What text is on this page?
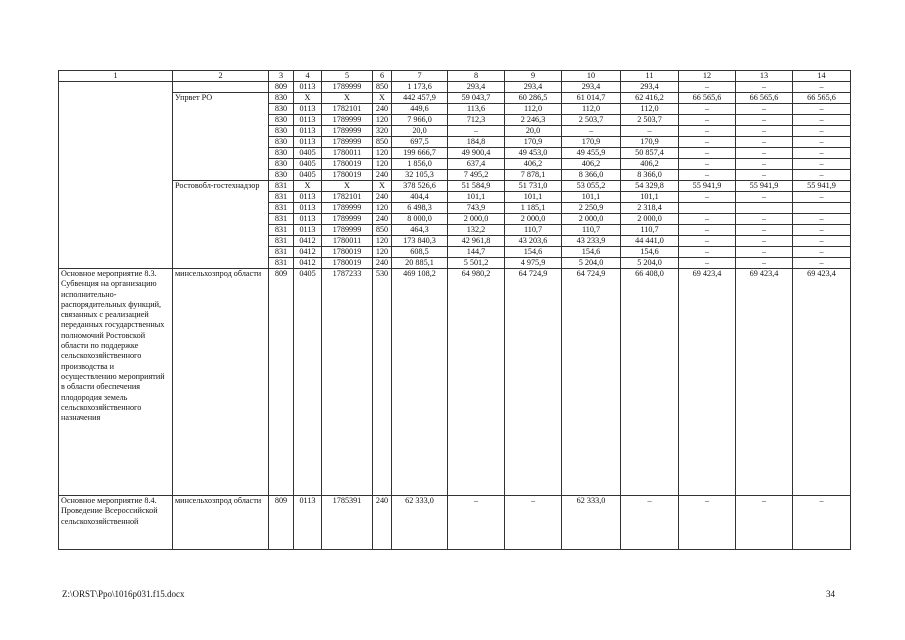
1	2	3	4	5	6	7	8	9	10	11	12	13	14
		809	0113	1789999	850	1 173,6	293,4	293,4	293,4	293,4	–	–	–
	Упрвет РО	830	X	X	X	442 457,9	59 043,7	60 286,5	61 014,7	62 416,2	66 565,6	66 565,6	66 565,6
		830	0113	1782101	240	449,6	113,6	112,0	112,0	112,0	–	–	–
		830	0113	1789999	120	7 966,0	712,3	2 246,3	2 503,7	2 503,7	–	–	–
		830	0113	1789999	320	20,0	–	20,0	–	–	–	–	–
		830	0113	1789999	850	697,5	184,8	170,9	170,9	170,9	–	–	–
		830	0405	1780011	120	199 666,7	49 900,4	49 453,0	49 455,9	50 857,4	–	–	–
		830	0405	1780019	120	1 856,0	637,4	406,2	406,2	406,2	–	–	–
		830	0405	1780019	240	32 105,3	7 495,2	7 878,1	8 366,0	8 366,0	–	–	–
	Ростовобл-гостехнадзор	831	X	X	X	378 526,6	51 584,9	51 731,0	53 055,2	54 329,8	55 941,9	55 941,9	55 941,9
		831	0113	1782101	240	404,4	101,1	101,1	101,1	101,1	–	–	–
		831	0113	1789999	120	6 498,3	743,9	1 185,1	2 250,9	2 318,4			
		831	0113	1789999	240	8 000,0	2 000,0	2 000,0	2 000,0	2 000,0	–	–	–
		831	0113	1789999	850	464,3	132,2	110,7	110,7	110,7	–	–	–
		831	0412	1780011	120	173 840,3	42 961,8	43 203,6	43 233,9	44 441,0	–	–	–
		831	0412	1780019	120	608,5	144,7	154,6	154,6	154,6	–	–	–
		831	0412	1780019	240	20 885,1	5 501,2	4 975,9	5 204,0	5 204,0	–	–	–
Основное мероприятие 8.3. Субвенция на организацию исполнительно-распорядительных функций, связанных с реализацией переданных государственных полномочий Ростовской области по поддержке сельскохозяйственного производства и осуществлению мероприятий в области обеспечения плодородия земель сельскохозяйственного назначения	минсельхозпрод области	809	0405	1787233	530	469 108,2	64 980,2	64 724,9	64 724,9	66 408,0	69 423,4	69 423,4	69 423,4
Основное мероприятие 8.4. Проведение Всероссийской сельскохозяйственной	минсельхозпрод области	809	0113	1785391	240	62 333,0	–	–	62 333,0	–	–	–	–
Z:\ORST\Ppo\1016p031.f15.docx	34
